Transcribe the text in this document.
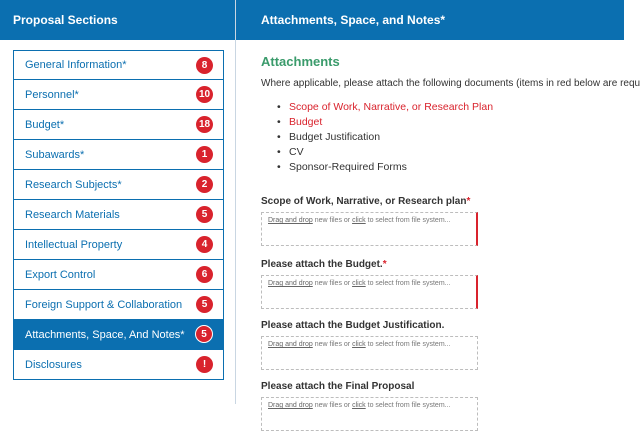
Proposal Sections
General Information*	8
Personnel*	10
Budget*	18
Subawards*	1
Research Subjects*	2
Research Materials	5
Intellectual Property	4
Export Control	6
Foreign Support & Collaboration	5
Attachments, Space, And Notes*	5
Disclosures	!
Attachments, Space, and Notes*
Attachments
Where applicable, please attach the following documents (items in red below are requ
• Scope of Work, Narrative, or Research Plan
• Budget
• Budget Justification
• CV
• Sponsor-Required Forms
Scope of Work, Narrative, or Research plan*
Drag and drop new files or click to select from file system...
Please attach the Budget.*
Drag and drop new files or click to select from file system...
Please attach the Budget Justification.
Drag and drop new files or click to select from file system...
Please attach the Final Proposal
Drag and drop new files or click to select from file system...
